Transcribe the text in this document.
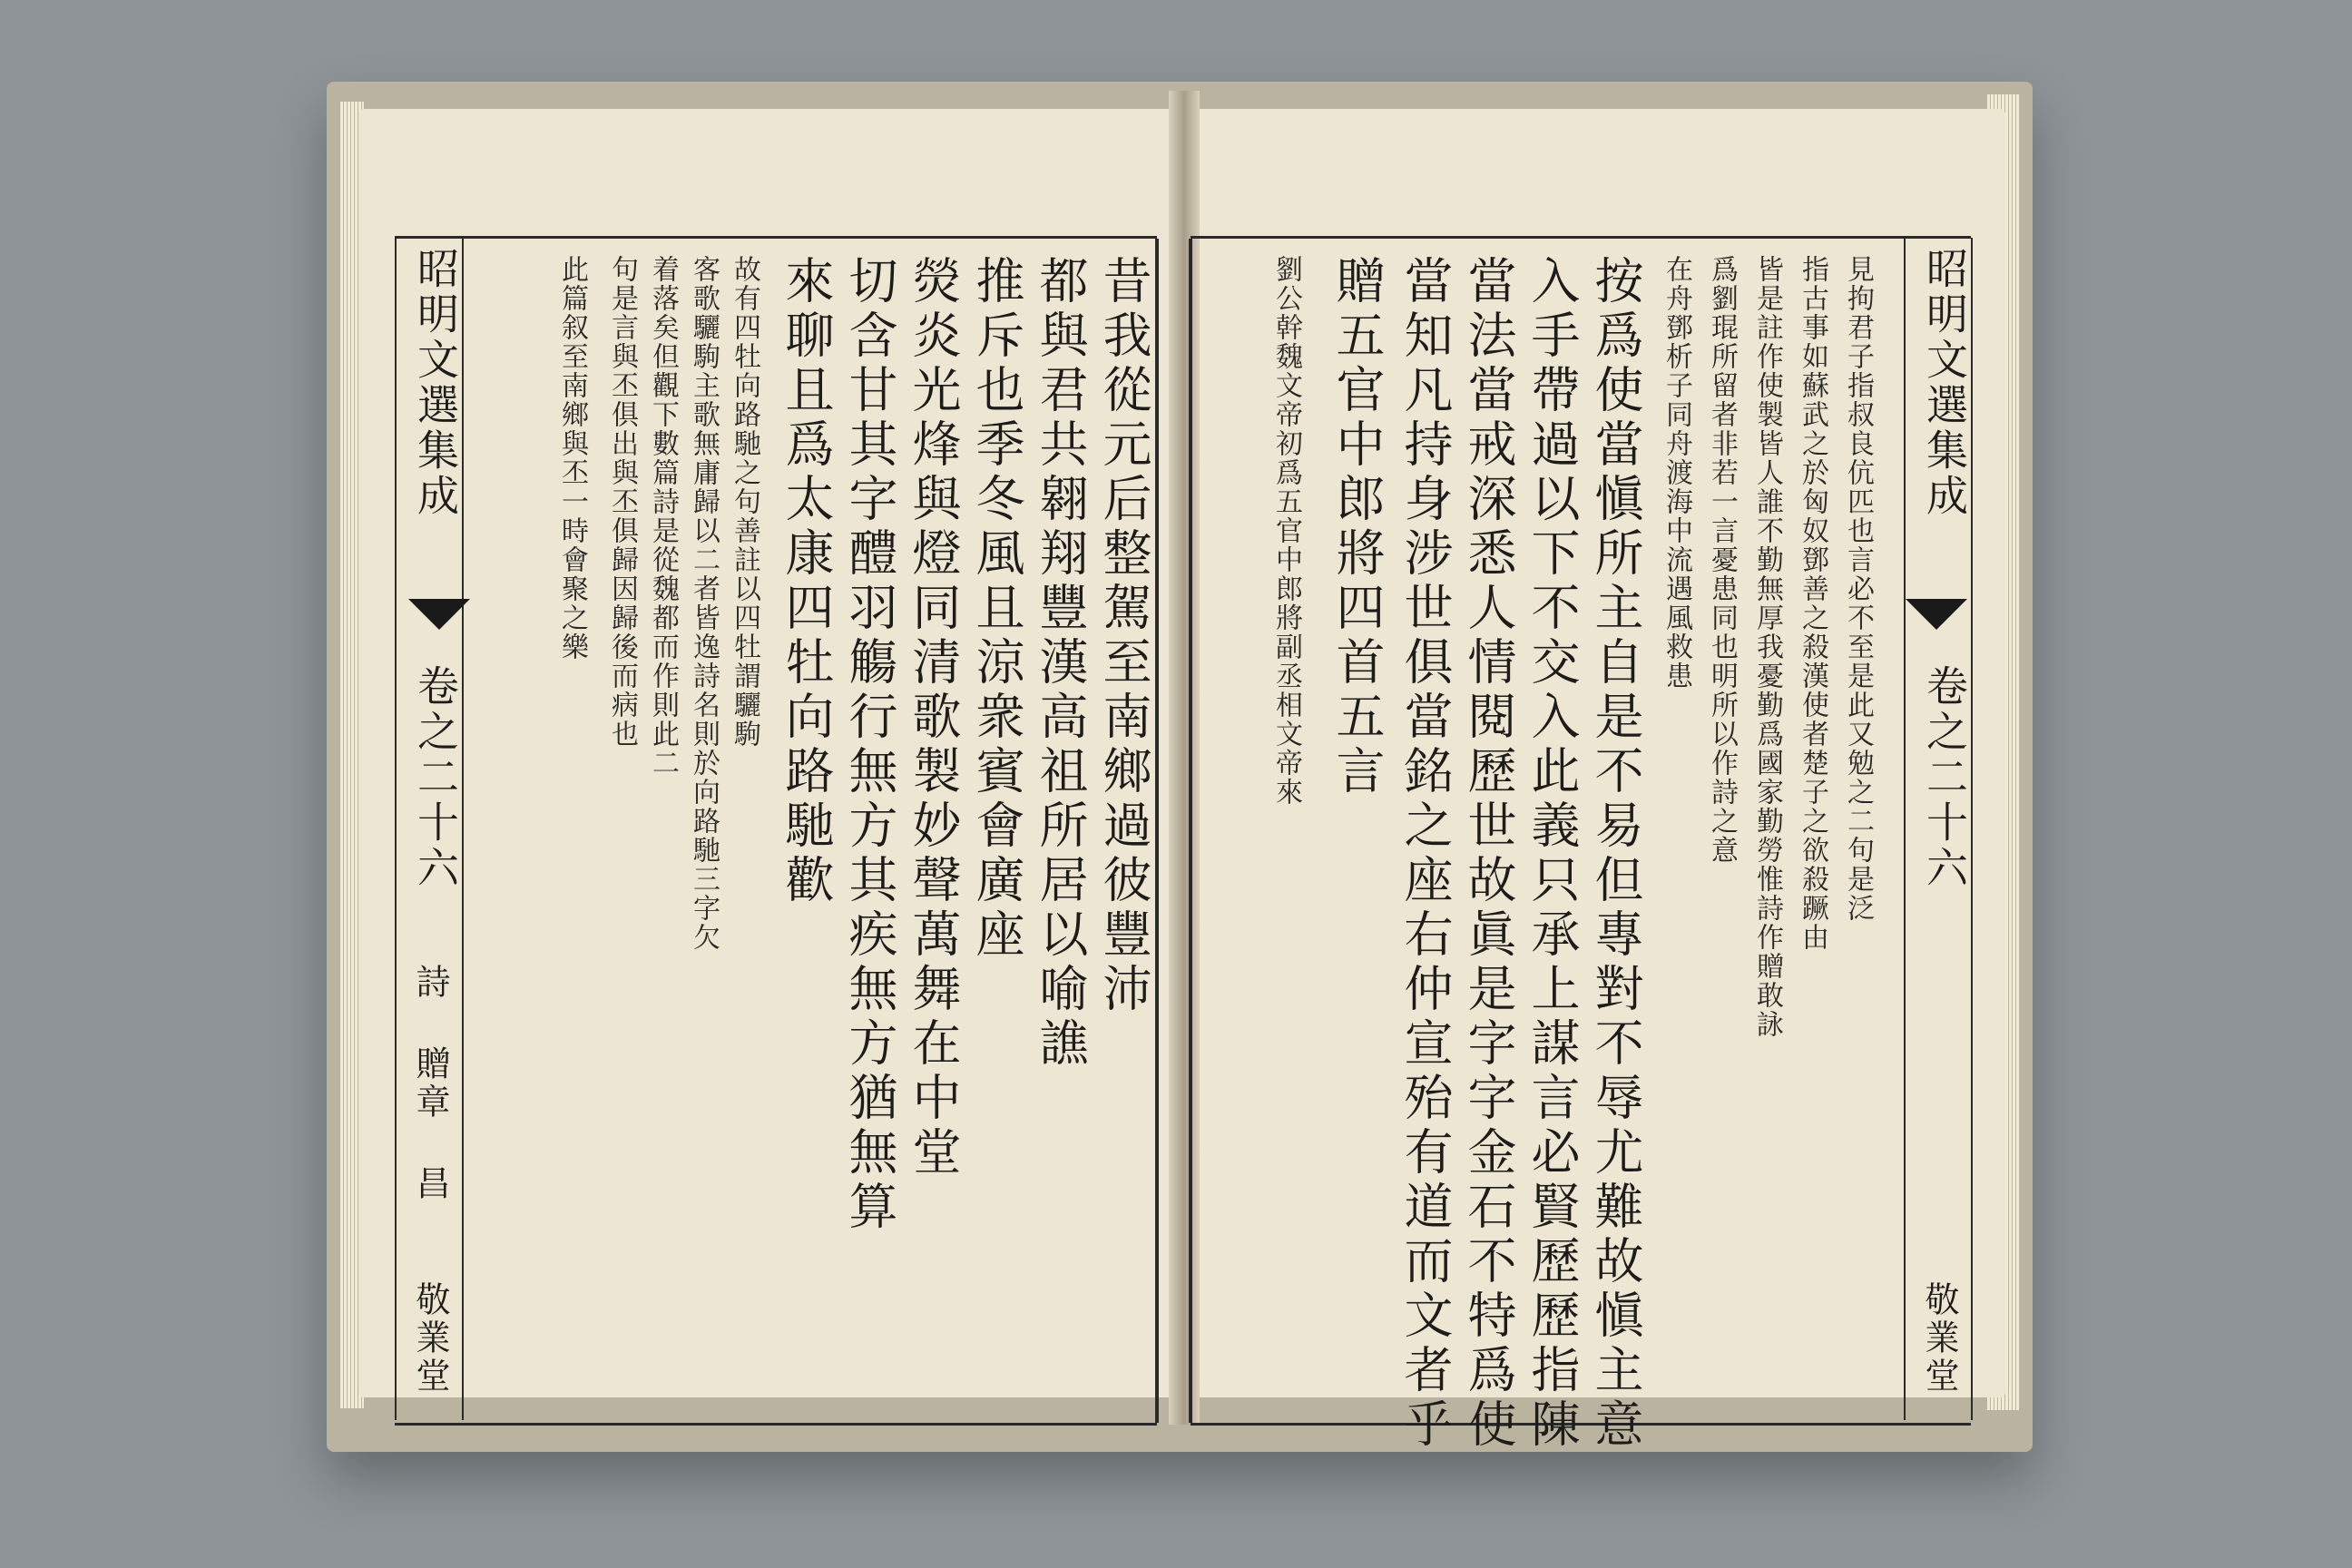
昔我從元后整駕至南鄉過彼豐沛
都與君共翱翔豐漢高祖所居以喻譙
推斥也季冬風且涼衆賓會廣座
熒炎光烽與燈同清歌製妙聲萬舞在中堂
切含甘其字醴羽觴行無方其疾無方猶無算
來聊且爲太康四牡向路馳歡
故有四牡向路馳之句善註以四牡謂驪駒
客歌驪駒主歌無庸歸以二者皆逸詩名則於向路馳三字欠
着落矣但觀下數篇詩是從魏都而作則此二
句是言與丕俱出與丕俱歸因歸後而病也
此篇叙至南鄉與丕一時會聚之樂
昭明文選集成
卷之二十六
詩 贈章 昌
敬業堂
見拘君子指叔良伉匹也言必不至是此又勉之二句是泛
指古事如蘇武之於匈奴鄧善之殺漢使者楚子之欲殺蹶由
皆是註作使製皆人誰不勤無厚我憂勤爲國家勤勞惟詩作贈敢詠
爲劉琨所留者非若一言憂患同也明所以作詩之意
在舟鄧析子同舟渡海中流遇風救患
按爲使當愼所主自是不易但專對不辱尤難故愼主意
入手帶過以下不交入此義只承上謀言必賢歷歷指陳
當法當戒深悉人情閱歷世故眞是字字金石不特爲使
當知凡持身涉世俱當銘之座右仲宣殆有道而文者乎
贈五官中郎將四首五言
劉公幹魏文帝初爲五官中郎將副丞相文帝來	昭明文選集成
卷之二十六
敬業堂
